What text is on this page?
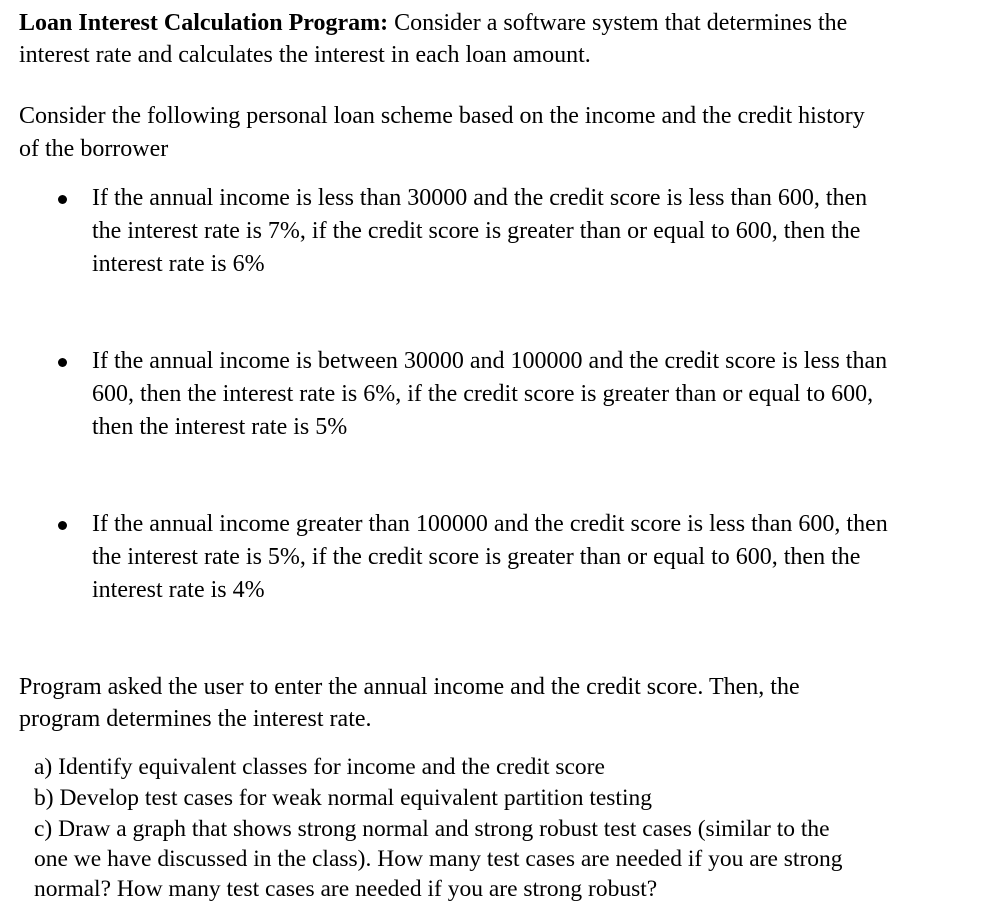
Loan Interest Calculation Program: Consider a software system that determines the
interest rate and calculates the interest in each loan amount.
Consider the following personal loan scheme based on the income and the credit history
of the borrower
If the annual income is less than 30000 and the credit score is less than 600, then
the interest rate is 7%, if the credit score is greater than or equal to 600, then the
interest rate is 6%
If the annual income is between 30000 and 100000 and the credit score is less than
600, then the interest rate is 6%, if the credit score is greater than or equal to 600,
then the interest rate is 5%
If the annual income greater than 100000 and the credit score is less than 600, then
the interest rate is 5%, if the credit score is greater than or equal to 600, then the
interest rate is 4%
Program asked the user to enter the annual income and the credit score. Then, the
program determines the interest rate.
a) Identify equivalent classes for income and the credit score
b) Develop test cases for weak normal equivalent partition testing
c) Draw a graph that shows strong normal and strong robust test cases (similar to the
one we have discussed in the class). How many test cases are needed if you are strong
normal? How many test cases are needed if you are strong robust?
